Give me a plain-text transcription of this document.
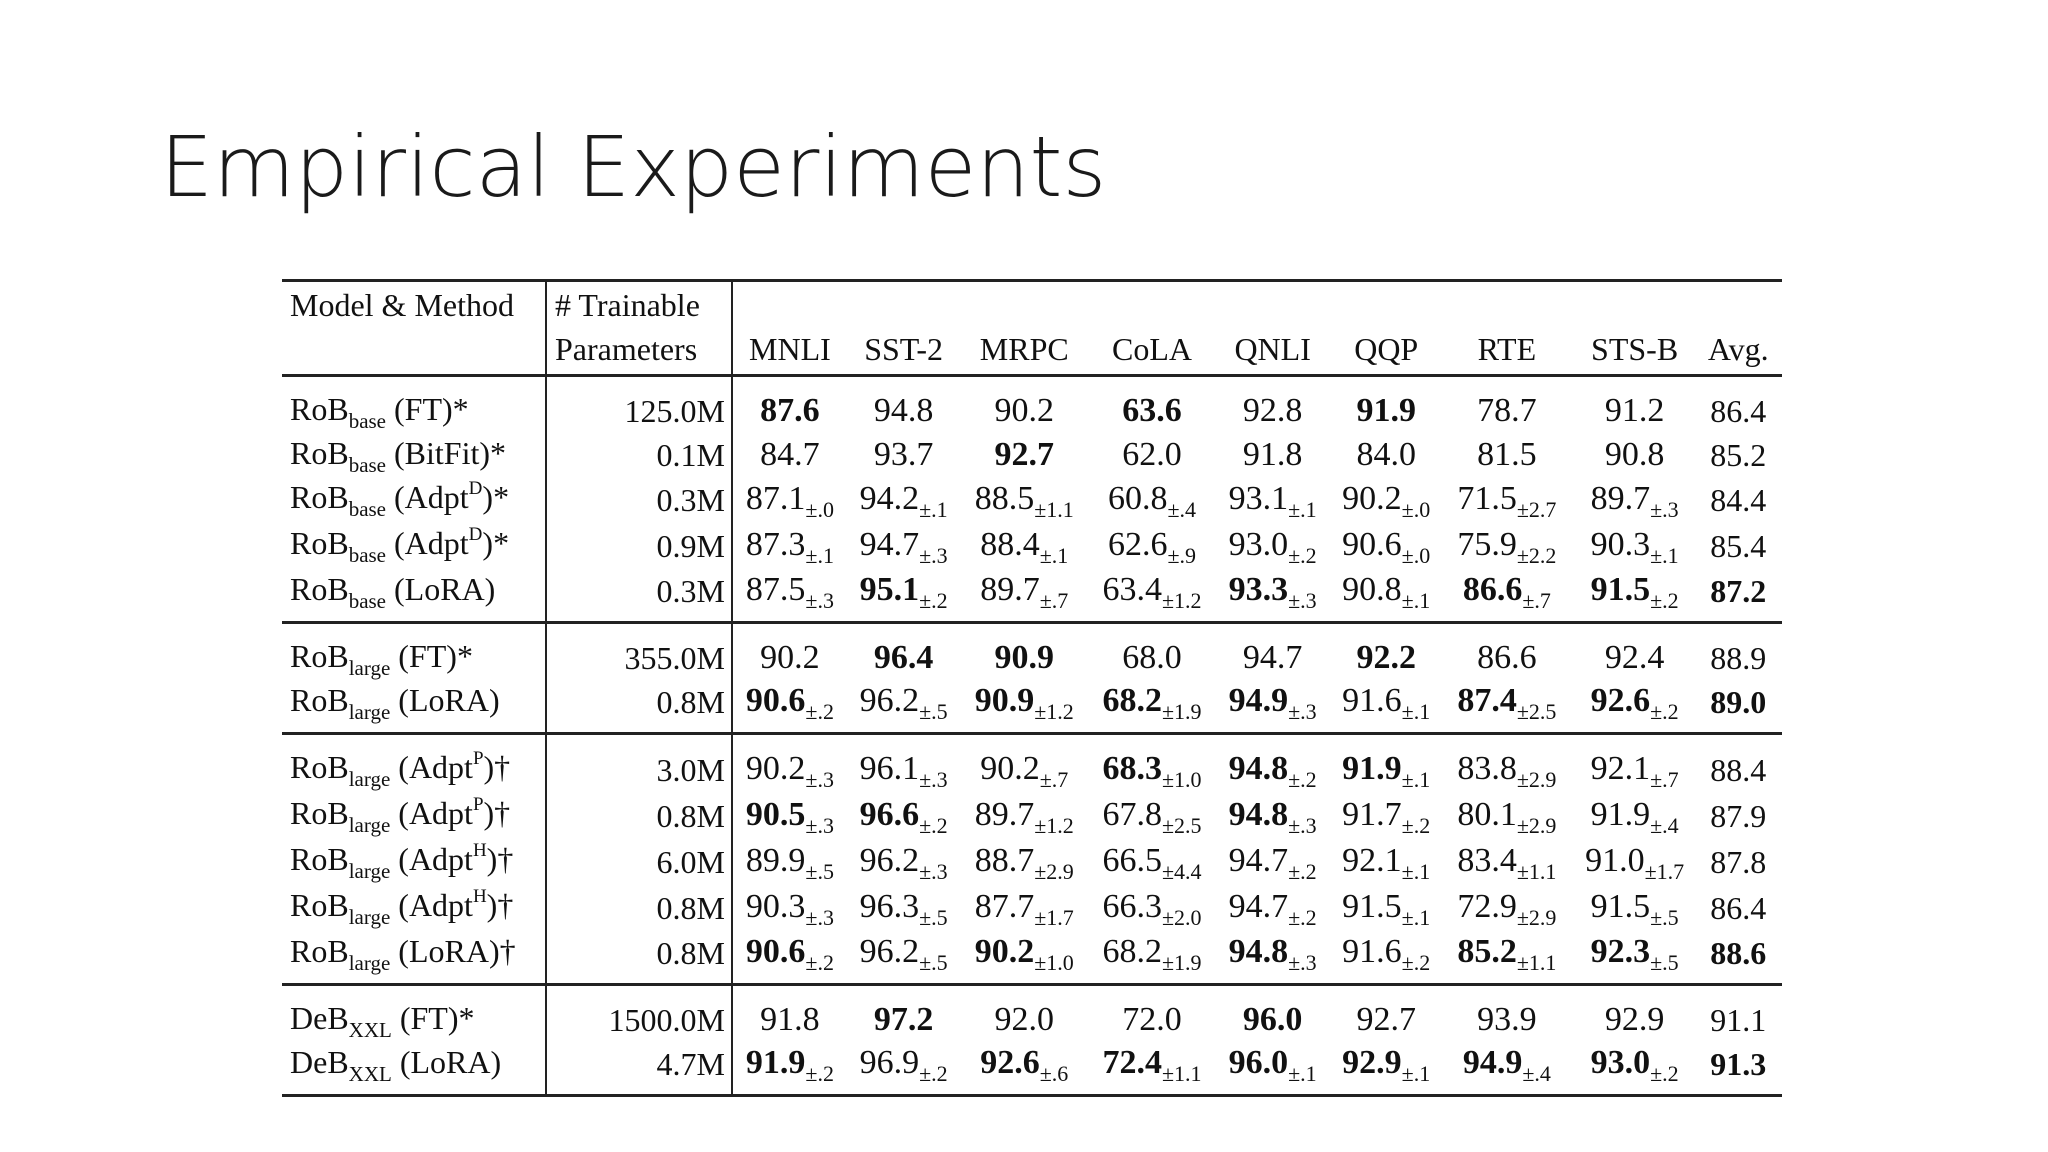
Empirical Experiments
Model & Method	# Trainable									
	Parameters	MNLI	SST-2	MRPC	CoLA	QNLI	QQP	RTE	STS-B	Avg.
RoB$_{base}$ (FT)*	125.0M	87.6	94.8	90.2	63.6	92.8	91.9	78.7	91.2	86.4
RoB$_{base}$ (BitFit)*	0.1M	84.7	93.7	92.7	62.0	91.8	84.0	81.5	90.8	85.2
RoB$_{base}$ (Adpt$^D$)*	0.3M	$87.1_{\pm.0}$	$94.2_{\pm.1}$	$88.5_{\pm 1.1}$	$60.8_{\pm.4}$	$93.1_{\pm.1}$	$90.2_{\pm.0}$	$71.5_{\pm 2.7}$	$89.7_{\pm.3}$	84.4
RoB$_{base}$ (Adpt$^D$)*	0.9M	$87.3_{\pm.1}$	$94.7_{\pm.3}$	$88.4_{\pm.1}$	$62.6_{\pm.9}$	$93.0_{\pm.2}$	$90.6_{\pm.0}$	$75.9_{\pm 2.2}$	$90.3_{\pm.1}$	85.4
RoB$_{base}$ (LoRA)	0.3M	$87.5_{\pm.3}$	$95.1_{\pm.2}$	$89.7_{\pm.7}$	$63.4_{\pm 1.2}$	$93.3_{\pm.3}$	$90.8_{\pm.1}$	$86.6_{\pm.7}$	$91.5_{\pm.2}$	87.2
RoB$_{large}$ (FT)*	355.0M	90.2	96.4	90.9	68.0	94.7	92.2	86.6	92.4	88.9
RoB$_{large}$ (LoRA)	0.8M	$90.6_{\pm.2}$	$96.2_{\pm.5}$	$90.9_{\pm 1.2}$	$68.2_{\pm 1.9}$	$94.9_{\pm.3}$	$91.6_{\pm.1}$	$87.4_{\pm 2.5}$	$92.6_{\pm.2}$	89.0
RoB$_{large}$ (Adpt$^P$)†	3.0M	$90.2_{\pm.3}$	$96.1_{\pm.3}$	$90.2_{\pm.7}$	$68.3_{\pm 1.0}$	$94.8_{\pm.2}$	$91.9_{\pm.1}$	$83.8_{\pm 2.9}$	$92.1_{\pm.7}$	88.4
RoB$_{large}$ (Adpt$^P$)†	0.8M	$90.5_{\pm.3}$	$96.6_{\pm.2}$	$89.7_{\pm 1.2}$	$67.8_{\pm 2.5}$	$94.8_{\pm.3}$	$91.7_{\pm.2}$	$80.1_{\pm 2.9}$	$91.9_{\pm.4}$	87.9
RoB$_{large}$ (Adpt$^H$)†	6.0M	$89.9_{\pm.5}$	$96.2_{\pm.3}$	$88.7_{\pm 2.9}$	$66.5_{\pm 4.4}$	$94.7_{\pm.2}$	$92.1_{\pm.1}$	$83.4_{\pm 1.1}$	$91.0_{\pm 1.7}$	87.8
RoB$_{large}$ (Adpt$^H$)†	0.8M	$90.3_{\pm.3}$	$96.3_{\pm.5}$	$87.7_{\pm 1.7}$	$66.3_{\pm 2.0}$	$94.7_{\pm.2}$	$91.5_{\pm.1}$	$72.9_{\pm 2.9}$	$91.5_{\pm.5}$	86.4
RoB$_{large}$ (LoRA)†	0.8M	$90.6_{\pm.2}$	$96.2_{\pm.5}$	$90.2_{\pm 1.0}$	$68.2_{\pm 1.9}$	$94.8_{\pm.3}$	$91.6_{\pm.2}$	$85.2_{\pm 1.1}$	$92.3_{\pm.5}$	88.6
DeB$_{XXL}$ (FT)*	1500.0M	91.8	97.2	92.0	72.0	96.0	92.7	93.9	92.9	91.1
DeB$_{XXL}$ (LoRA)	4.7M	$91.9_{\pm.2}$	$96.9_{\pm.2}$	$92.6_{\pm.6}$	$72.4_{\pm 1.1}$	$96.0_{\pm.1}$	$92.9_{\pm.1}$	$94.9_{\pm.4}$	$93.0_{\pm.2}$	91.3
